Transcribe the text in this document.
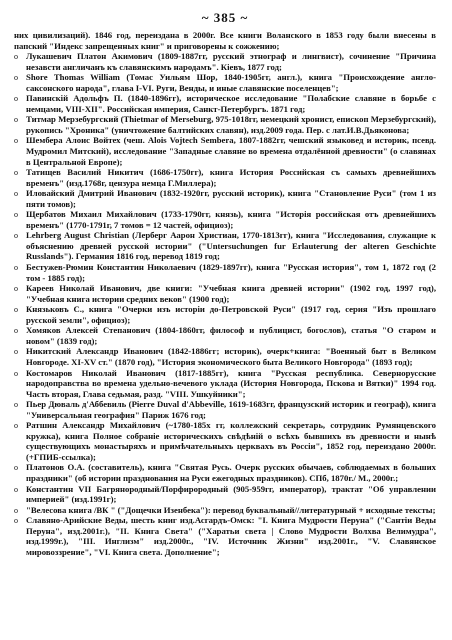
~ 385 ~

них цивилизаций). 1846 год, переиздана в 2000г. Все книги Воланского в 1853 году были внесены в папский "Индекс запрещенных книг" и приговорены к сожжению;

o Лукашевич Платон Акимович (1809-1887гг, русский этнограф и лингвист), сочинение "Причина незавсти англичанъ къ славянскимъ народамъ". Кiевъ, 1877 год;
o Shore Thomas William (Томас Уильям Шор, 1840-1905гг, англ.), книга "Происхождение англо-саксонского народа", глава I-VI. Руги, Венды, и иные славянские поселенцев";
o Павинскiй Адольфъ П. (1840-1896гг), историческое исследование "Полабские славяне в борьбе с немцами, VIII-XII". Российская империя, Санкт-Петербургъ. 1871 год;
o Титмар Мерзебургский (Thietmar of Merseburg, 975-1018гг, немецкий хронист, епископ Мерзебургский), рукопись "Хроника" (уничтожение балтийских славян), изд.2009 года. Пер. с лат.И.В.Дьяконова;
o Шембера Алоис Войтех (чеш. Alois Vojtech Sembera, 1807-1882гг, чешский языковед и историк, псевд. Мудромил Митский), исследование "Западные славяне во времена отдалённой древности" (о славянах в Центральной Европе);
o Татищев Василий Никитич (1686-1750гг), книга История Российская съ самыхъ древнейшихъ временъ" (изд.1768г, цензура немца Г.Миллера);
o Иловайский Дмитрий Иванович (1832-1920гг, русский историк), книга "Становление Руси" (том 1 из пяти томов);
o Щербатов Михаил Михайлович (1733-1790гг, князь), книга "Исторiя российская отъ древнейшихъ временъ" (1770-1791г, 7 томов = 12 частей, официоз);
o Lehrberg August Christian (Лерберг Аарон Христиан, 1770-1813гг), книга "Исследования, служащие к объяснению древней русской истории" ("Untersuchungen fur Erlauterung der alteren Geschichte Russlands"). Германия 1816 год, перевод 1819 год;
o Бестужев-Рюмин Константин Николаевич (1829-1897гг), книга "Русская история", том 1, 1872 год (2 том - 1885 год);
o Кареев Николай Иванович, две книги: "Учебная книга древней истории" (1902 год, 1997 год), "Учебная книга истории средних веков" (1900 год);
o Князьковъ С., книга "Очерки изъ исторiи до-Петровской Руси" (1917 год, серия "Изъ прошлаго русской земли", официоз);
o Хомяков Алексей Степанович (1804-1860гг, философ и публицист, богослов), статья "О старом и новом" (1839 год);
o Никитский Александр Иванович (1842-1886гг; историк), очерк+книга: "Военный быт в Великом Новгороде. XI-XV ст." (1870 год), "История экономического быта Великого Новгорода" (1893 год);
o Костомаров Николай Иванович (1817-1885гг), книга "Русская республика. Севернорусские народоправства во времена удельно-вечевого уклада (История Новгорода, Пскова и Вятки)" 1994 год. Часть вторая, Глава седьмая, разд. "VIII. Ушкуйники";
o Пьер Дюваль д'Аббевиль (Pierre Duval d'Abbeville, 1619-1683гг, французский историк и географ), книга "Универсальная география" Париж 1676 год;
o Ратшин Александр Михайлович (~1780-185х гг, коллежский секретарь, сотрудник Румянцевского кружка), книга Полное собранiе историческихъ свѣдѣнiй о всѣхъ бывшихъ въ древности и нынѣ существующихъ монастыряхъ и примѣчательныхъ церквахъ въ Россiи", 1852 год, переиздано 2000г. (+ГПИБ-ссылка);
o Платонов О.А. (составитель), книга "Святая Русь. Очерк русских обычаев, соблюдаемых в больших праздники" (об истории празднования на Руси ежегодных праздников). СПб, 1870г./ М., 2000г.;
o Константин VII Багрянородный/Порфирородный (905-959гг, император), трактат "Об управлении империей" (изд.1991г);
o "Велесова книга /ВК " ("Дощечки Изенбека"): перевод буквальный//литературный + исходные тексты;
o Славяно-Арийские Веды, шесть книг изд.Асгардъ-Омск: "I. Книга Мудрости Перуна" ("Сантiи Веды Перуна", изд.2001г.), "II. Книга Света" ("Харатьи света | Слово Мудрости Волхва Велимудра", изд.1999г.), "III. Инглизм" изд.2000г., "IV. Источник Жизни" изд.2001г., "V. Славянское мировоззрение", "VI. Книга света. Дополнение";
